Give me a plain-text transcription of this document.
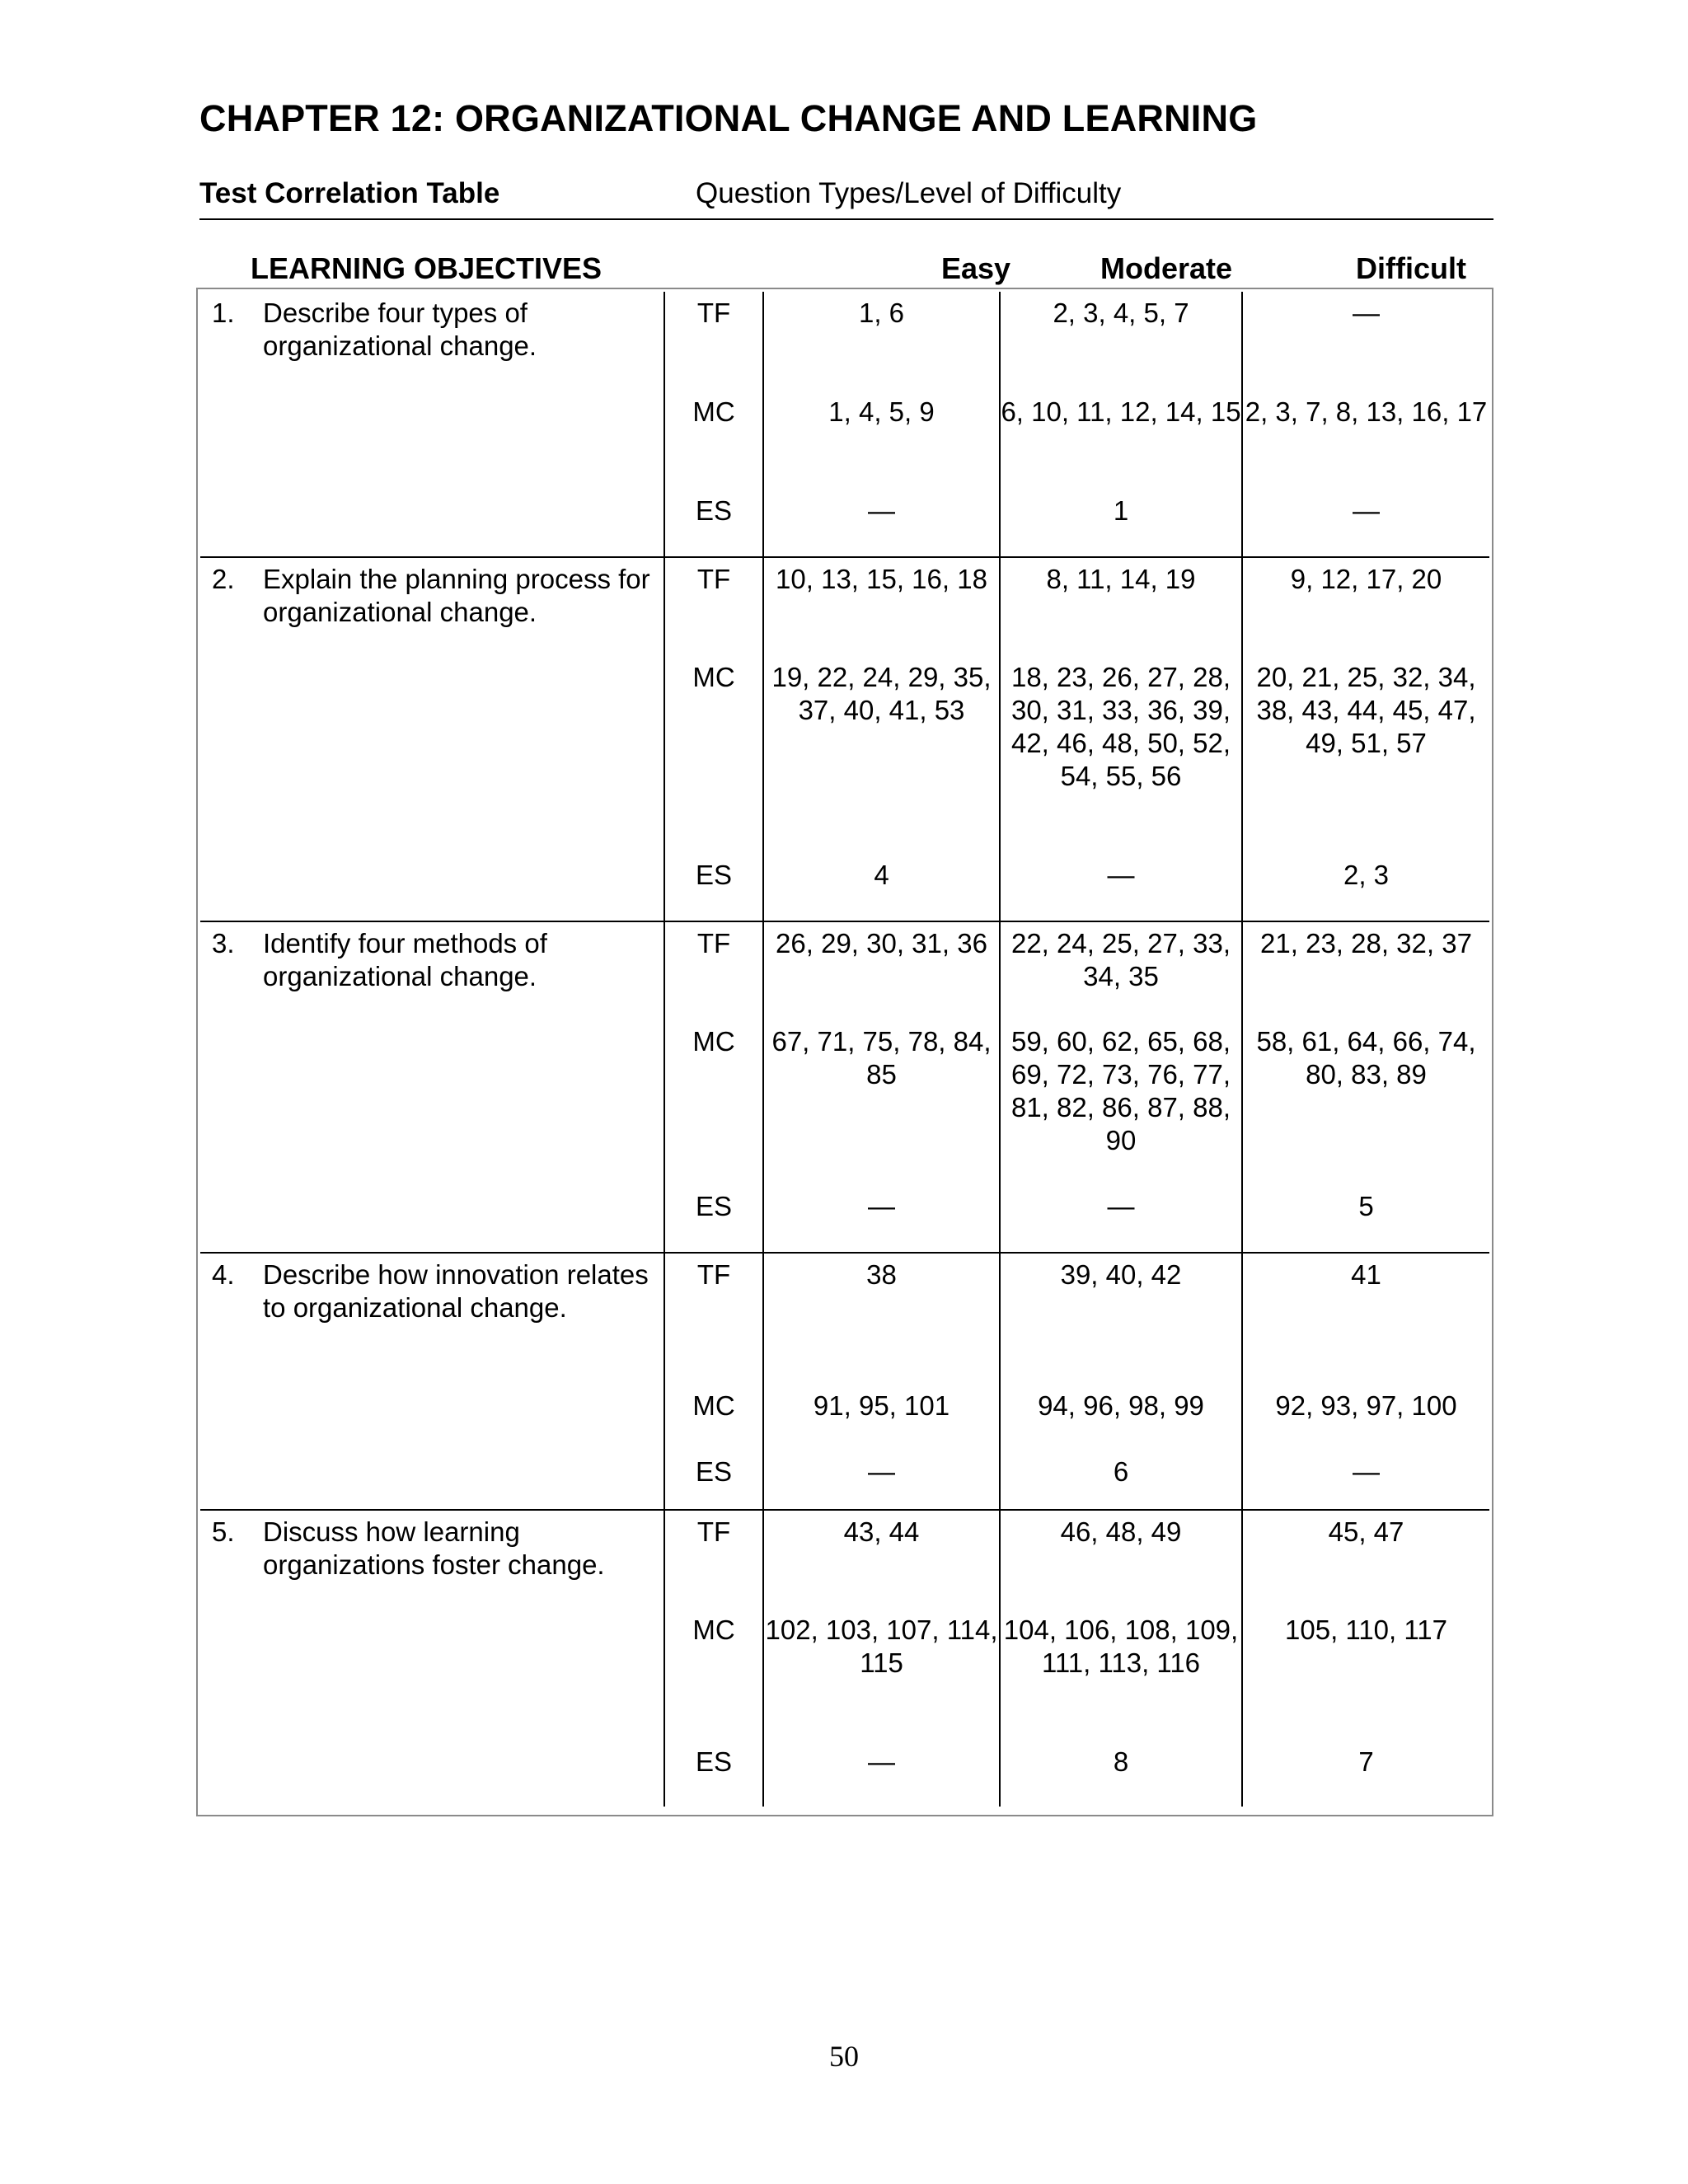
CHAPTER 12: ORGANIZATIONAL CHANGE AND LEARNING
Test Correlation Table	Question Types/Level of Difficulty
LEARNING OBJECTIVES	Easy	Moderate	Difficult
1. Describe four types of organizational change.	TF	1, 6	2, 3, 4, 5, 7	—
	MC	1, 4, 5, 9	6, 10, 11, 12, 14, 15	2, 3, 7, 8, 13, 16, 17
	ES	—	1	—

2. Explain the planning process for organizational change.	TF	10, 13, 15, 16, 18	8, 11, 14, 19	9, 12, 17, 20
	MC	19, 22, 24, 29, 35, 37, 40, 41, 53	18, 23, 26, 27, 28, 30, 31, 33, 36, 39, 42, 46, 48, 50, 52, 54, 55, 56	20, 21, 25, 32, 34, 38, 43, 44, 45, 47, 49, 51, 57
	ES	4	—	2, 3

3. Identify four methods of organizational change.	TF	26, 29, 30, 31, 36	22, 24, 25, 27, 33, 34, 35	21, 23, 28, 32, 37
	MC	67, 71, 75, 78, 84, 85	59, 60, 62, 65, 68, 69, 72, 73, 76, 77, 81, 82, 86, 87, 88, 90	58, 61, 64, 66, 74, 80, 83, 89
	ES	—	—	5

4. Describe how innovation relates to organizational change.	TF	38	39, 40, 42	41
	MC	91, 95, 101	94, 96, 98, 99	92, 93, 97, 100
	ES	—	6	—

5. Discuss how learning organizations foster change.	TF	43, 44	46, 48, 49	45, 47
	MC	102, 103, 107, 114, 115	104, 106, 108, 109, 111, 113, 116	105, 110, 117
	ES	—	8	7
50
